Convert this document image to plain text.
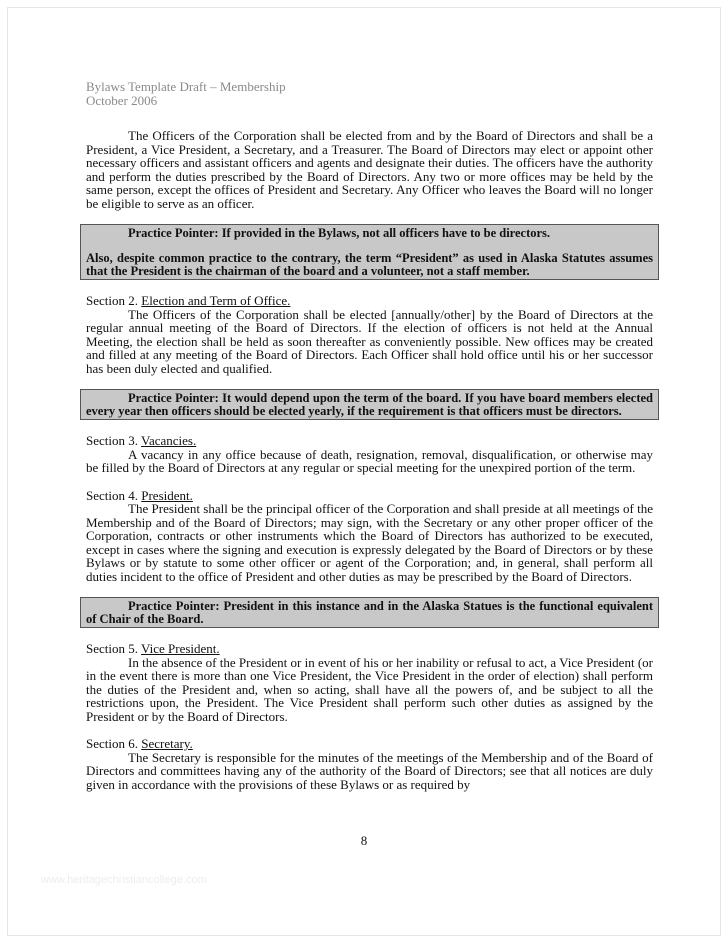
Bylaws Template Draft – Membership
October 2006

The Officers of the Corporation shall be elected from and by the Board of Directors and shall be a President, a Vice President, a Secretary, and a Treasurer. The Board of Directors may elect or appoint other necessary officers and assistant officers and agents and designate their duties. The officers have the authority and perform the duties prescribed by the Board of Directors. Any two or more offices may be held by the same person, except the offices of President and Secretary. Any Officer who leaves the Board will no longer be eligible to serve as an officer.

Practice Pointer: If provided in the Bylaws, not all officers have to be directors.

Also, despite common practice to the contrary, the term “President” as used in Alaska Statutes assumes that the President is the chairman of the board and a volunteer, not a staff member.

Section 2. Election and Term of Office.

The Officers of the Corporation shall be elected [annually/other] by the Board of Directors at the regular annual meeting of the Board of Directors. If the election of officers is not held at the Annual Meeting, the election shall be held as soon thereafter as conveniently possible. New offices may be created and filled at any meeting of the Board of Directors. Each Officer shall hold office until his or her successor has been duly elected and qualified.

Practice Pointer: It would depend upon the term of the board. If you have board members elected every year then officers should be elected yearly, if the requirement is that officers must be directors.

Section 3. Vacancies.

A vacancy in any office because of death, resignation, removal, disqualification, or otherwise may be filled by the Board of Directors at any regular or special meeting for the unexpired portion of the term.

Section 4. President.

The President shall be the principal officer of the Corporation and shall preside at all meetings of the Membership and of the Board of Directors; may sign, with the Secretary or any other proper officer of the Corporation, contracts or other instruments which the Board of Directors has authorized to be executed, except in cases where the signing and execution is expressly delegated by the Board of Directors or by these Bylaws or by statute to some other officer or agent of the Corporation; and, in general, shall perform all duties incident to the office of President and other duties as may be prescribed by the Board of Directors.

Practice Pointer: President in this instance and in the Alaska Statues is the functional equivalent of Chair of the Board.

Section 5. Vice President.

In the absence of the President or in event of his or her inability or refusal to act, a Vice President (or in the event there is more than one Vice President, the Vice President in the order of election) shall perform the duties of the President and, when so acting, shall have all the powers of, and be subject to all the restrictions upon, the President. The Vice President shall perform such other duties as assigned by the President or by the Board of Directors.

Section 6. Secretary.

The Secretary is responsible for the minutes of the meetings of the Membership and of the Board of Directors and committees having any of the authority of the Board of Directors; see that all notices are duly given in accordance with the provisions of these Bylaws or as required by

8
www.heritagechristiancollege.com
